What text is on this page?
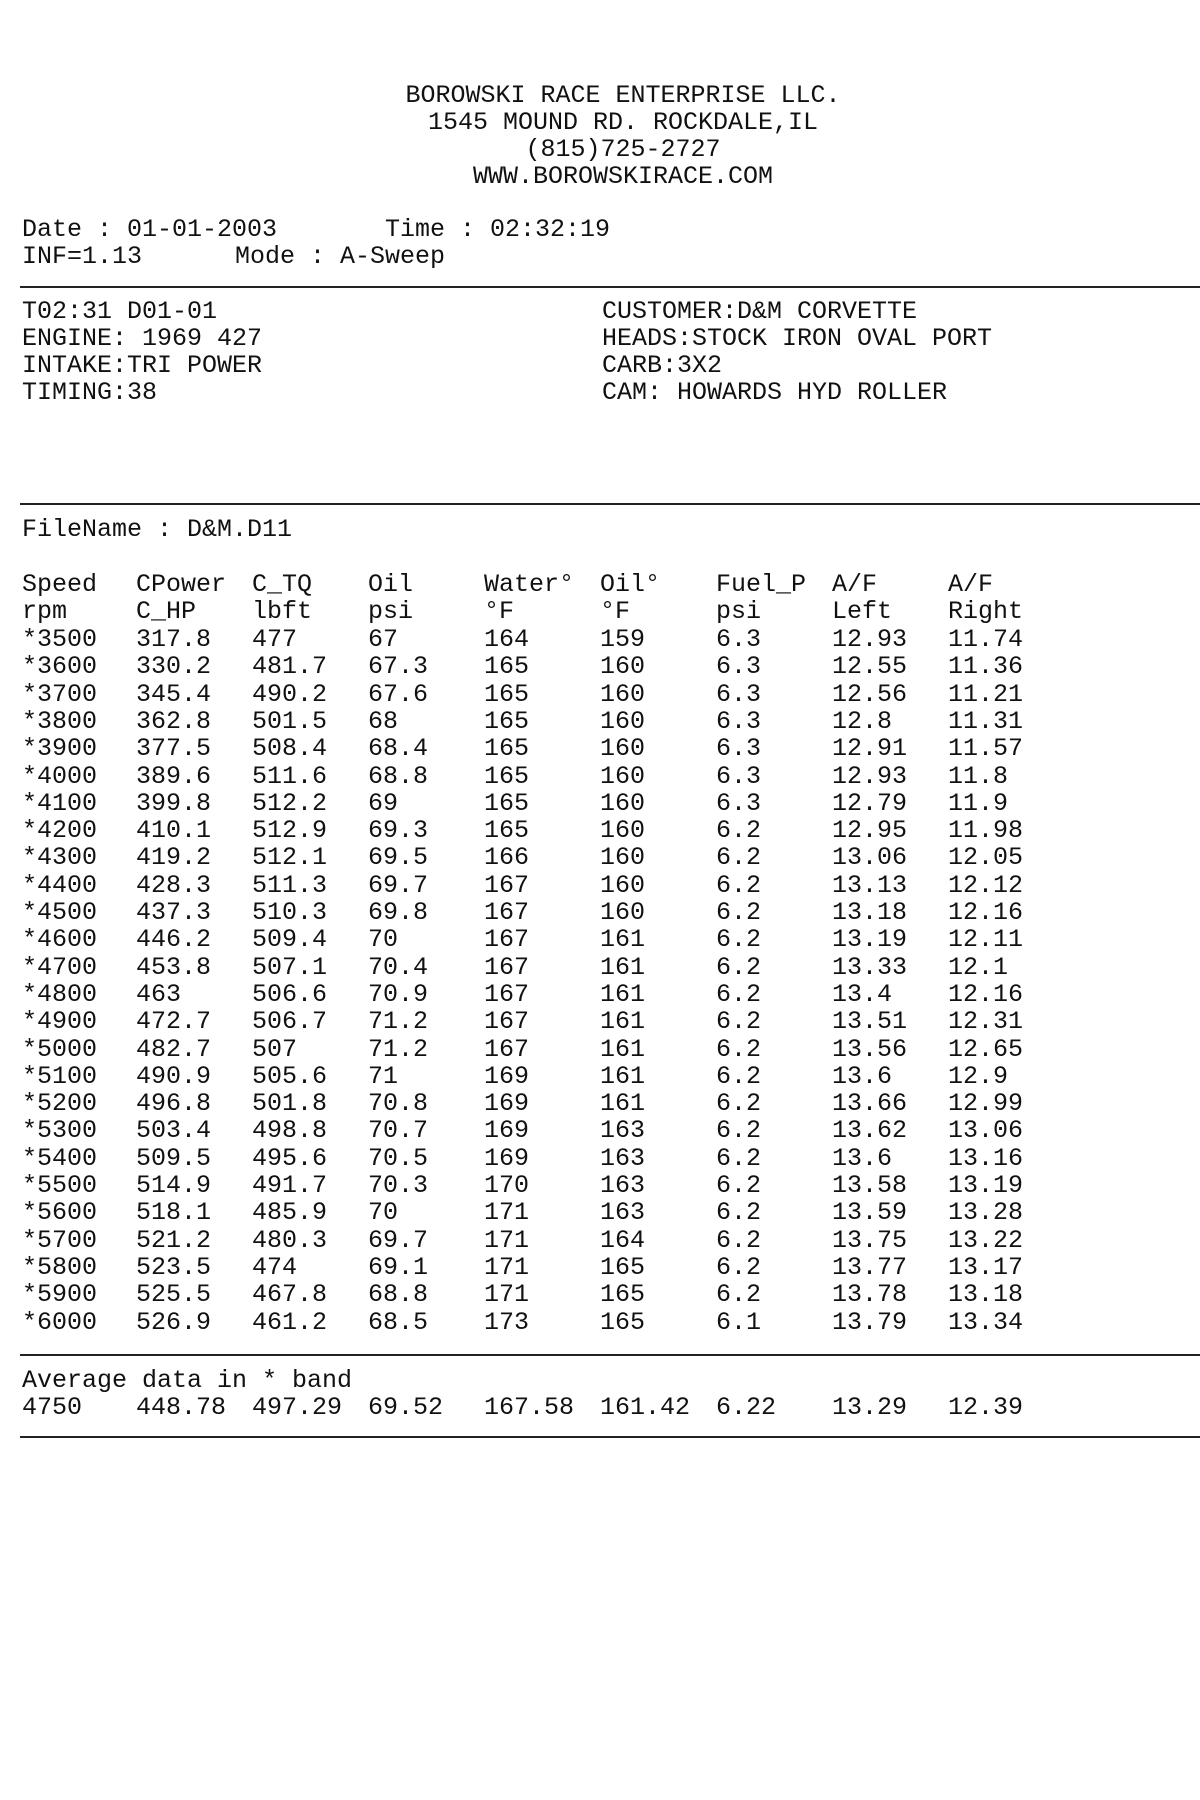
BOROWSKI RACE ENTERPRISE LLC.
1545 MOUND RD. ROCKDALE,IL
(815)725-2727
WWW.BOROWSKIRACE.COM
Date : 01-01-2003	Time : 02:32:19
INF=1.13	Mode : A-Sweep
T02:31 D01-01
ENGINE: 1969 427
INTAKE:TRI POWER
TIMING:38
CUSTOMER:D&M CORVETTE
HEADS:STOCK IRON OVAL PORT
CARB:3X2
CAM: HOWARDS HYD ROLLER
FileName : D&M.D11
Speed CPower C_TQ Oil	Water° Oil° Fuel_P A/F	A/F
rpm	C_HP lbft psi	°F	°F	psi	Left Right
*3500 317.8 477	67	164	159	6.3	12.93 11.74
*3600 330.2 481.7 67.3 165	160	6.3	12.55 11.36
*3700 345.4 490.2 67.6 165	160	6.3	12.56 11.21
*3800 362.8 501.5 68	165	160	6.3	12.8 11.31
*3900 377.5 508.4 68.4 165	160	6.3	12.91 11.57
*4000 389.6 511.6 68.8 165	160	6.3	12.93 11.8
*4100 399.8 512.2 69	165	160	6.3	12.79 11.9
*4200 410.1 512.9 69.3 165	160	6.2	12.95 11.98
*4300 419.2 512.1 69.5 166	160	6.2	13.06 12.05
*4400 428.3 511.3 69.7 167	160	6.2	13.13 12.12
*4500 437.3 510.3 69.8 167	160	6.2	13.18 12.16
*4600 446.2 509.4 70	167	161	6.2	13.19 12.11
*4700 453.8 507.1 70.4 167	161	6.2	13.33 12.1
*4800 463	506.6 70.9 167	161	6.2	13.4 12.16
*4900 472.7 506.7 71.2 167	161	6.2	13.51 12.31
*5000 482.7 507	71.2 167	161	6.2	13.56 12.65
*5100 490.9 505.6 71	169	161	6.2	13.6 12.9
*5200 496.8 501.8 70.8 169	161	6.2	13.66 12.99
*5300 503.4 498.8 70.7 169	163	6.2	13.62 13.06
*5400 509.5 495.6 70.5 169	163	6.2	13.6 13.16
*5500 514.9 491.7 70.3 170	163	6.2	13.58 13.19
*5600 518.1 485.9 70	171	163	6.2	13.59 13.28
*5700 521.2 480.3 69.7 171	164	6.2	13.75 13.22
*5800 523.5 474	69.1 171	165	6.2	13.77 13.17
*5900 525.5 467.8 68.8 171	165	6.2	13.78 13.18
*6000 526.9 461.2 68.5 173	165	6.1	13.79 13.34
Average data in * band
4750 448.78 497.29 69.52 167.58 161.42 6.22 13.29 12.39
